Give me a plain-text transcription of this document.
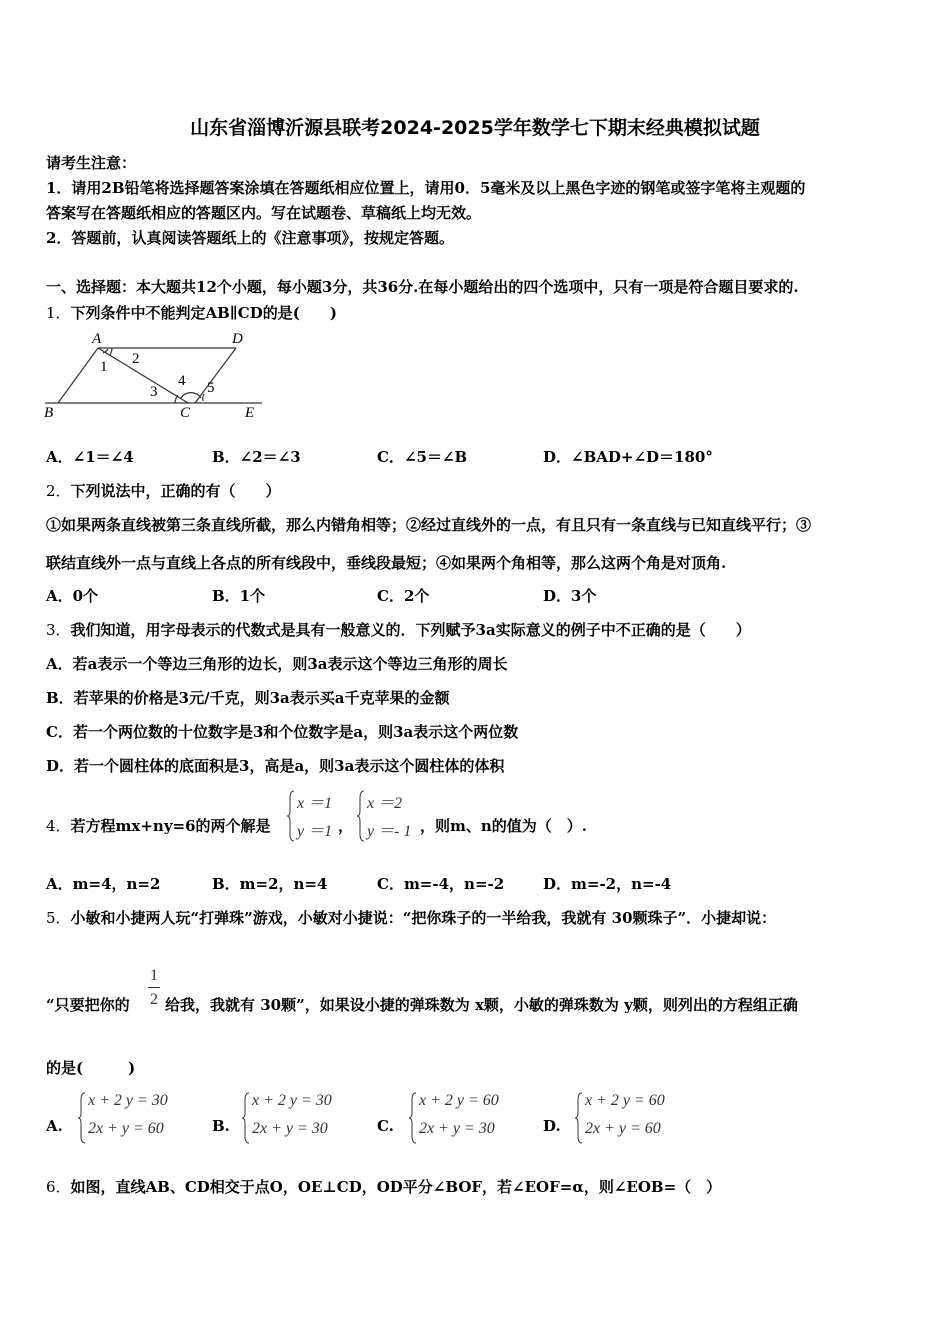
山东省淄博沂源县联考2024-2025学年数学七下期末经典模拟试题
请考生注意：
1．请用2B铅笔将选择题答案涂填在答题纸相应位置上，请用0．5毫米及以上黑色字迹的钢笔或签字笔将主观题的
答案写在答题纸相应的答题区内。写在试题卷、草稿纸上均无效。
2．答题前，认真阅读答题纸上的《注意事项》，按规定答题。
一、选择题：本大题共12个小题，每小题3分，共36分.在每小题给出的四个选项中，只有一项是符合题目要求的.
1．下列条件中不能判定AB∥CD的是(　　)
A	D
B	C	E
1 2
3
4 5
A．∠1＝∠4	B．∠2＝∠3	C．∠5＝∠B	D．∠BAD+∠D＝180°
2．下列说法中，正确的有（　　）
①如果两条直线被第三条直线所截，那么内错角相等；②经过直线外的一点，有且只有一条直线与已知直线平行；③
联结直线外一点与直线上各点的所有线段中，垂线段最短；④如果两个角相等，那么这两个角是对顶角.
A．0个	B．1个	C．2个	D．3个
3．我们知道，用字母表示的代数式是具有一般意义的．下列赋予3a实际意义的例子中不正确的是（　　）
A．若a表示一个等边三角形的边长，则3a表示这个等边三角形的周长
B．若苹果的价格是3元/千克，则3a表示买a千克苹果的金额
C．若一个两位数的十位数字是3和个位数字是a，则3a表示这个两位数
D．若一个圆柱体的底面积是3，高是a，则3a表示这个圆柱体的体积
4．若方程mx+ny=6的两个解是
x ＝1
y ＝1 ，
x ＝2
y ＝- 1 ，则m、n的值为（　）.
A．m=4，n=2	B．m=2，n=4	C．m=-4，n=-2	D．m=-2，n=-4
5．小敏和小捷两人玩“打弹珠”游戏，小敏对小捷说：“把你珠子的一半给我，我就有 30颗珠子”．小捷却说：
“只要把你的
1
2 给我，我就有 30颗”，如果设小捷的弹珠数为 x颗，小敏的弹珠数为 y颗，则列出的方程组正确
的是(　　　)
A.
x + 2 y = 30
2x + y = 60	B.
x + 2 y = 30
2x + y = 30	C.
x + 2 y = 60
2x + y = 30	D.
x + 2 y = 60
2x + y = 60
6．如图，直线AB、CD相交于点O，OE⊥CD，OD平分∠BOF，若∠EOF=α，则∠EOB=（　）
